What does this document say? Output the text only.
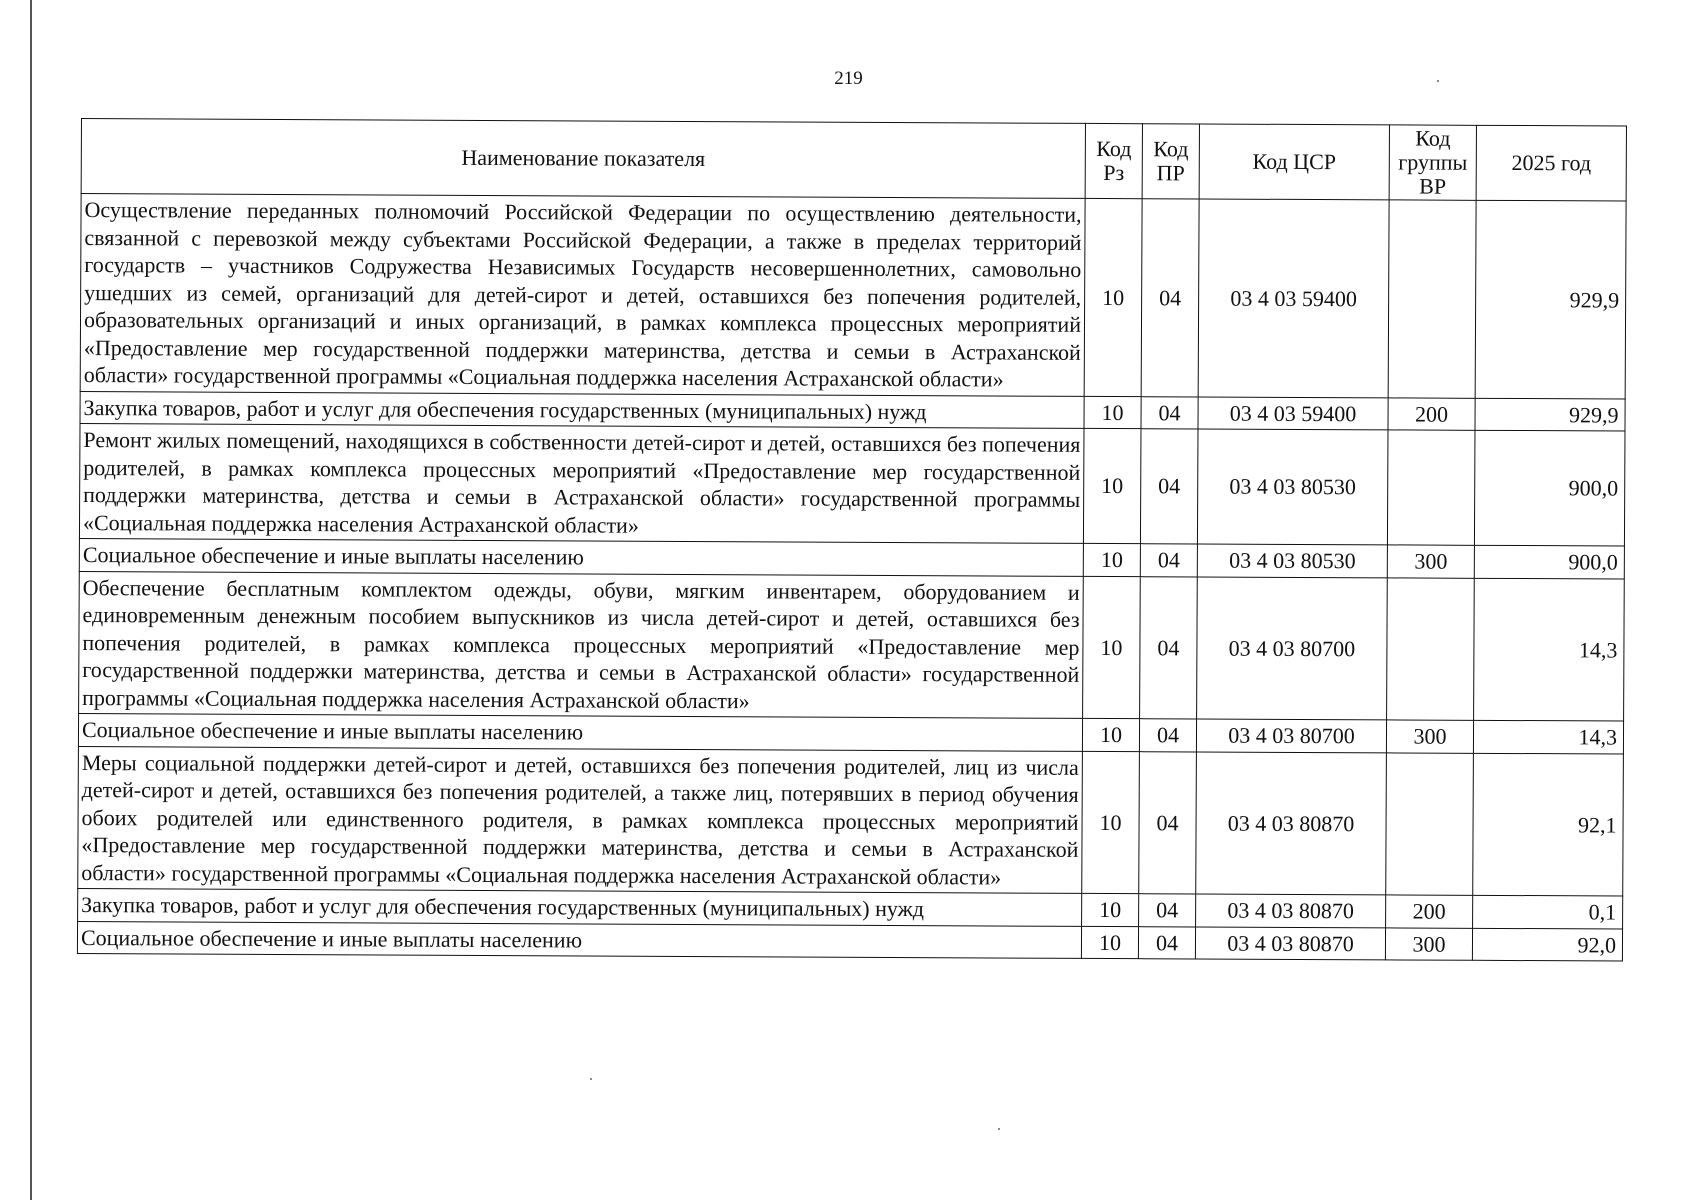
219
Наименование показателя	Код Рз	Код ПР	Код ЦСР	Код группы ВР	2025 год
Осуществление переданных полномочий Российской Федерации по осуществлению деятельности, связанной с перевозкой между субъектами Российской Федерации, а также в пределах территорий государств – участников Содружества Независимых Государств несовершеннолетних, самовольно ушедших из семей, организаций для детей-сирот и детей, оставшихся без попечения родителей, образовательных организаций и иных организаций, в рамках комплекса процессных мероприятий «Предоставление мер государственной поддержки материнства, детства и семьи в Астраханской области» государственной программы «Социальная поддержка населения Астраханской области»	10	04	03 4 03 59400		929,9
Закупка товаров, работ и услуг для обеспечения государственных (муниципальных) нужд	10	04	03 4 03 59400	200	929,9
Ремонт жилых помещений, находящихся в собственности детей-сирот и детей, оставшихся без попечения родителей, в рамках комплекса процессных мероприятий «Предоставление мер государственной поддержки материнства, детства и семьи в Астраханской области» государственной программы «Социальная поддержка населения Астраханской области»	10	04	03 4 03 80530		900,0
Социальное обеспечение и иные выплаты населению	10	04	03 4 03 80530	300	900,0
Обеспечение бесплатным комплектом одежды, обуви, мягким инвентарем, оборудованием и единовременным денежным пособием выпускников из числа детей-сирот и детей, оставшихся без попечения родителей, в рамках комплекса процессных мероприятий «Предоставление мер государственной поддержки материнства, детства и семьи в Астраханской области» государственной программы «Социальная поддержка населения Астраханской области»	10	04	03 4 03 80700		14,3
Социальное обеспечение и иные выплаты населению	10	04	03 4 03 80700	300	14,3
Меры социальной поддержки детей-сирот и детей, оставшихся без попечения родителей, лиц из числа детей-сирот и детей, оставшихся без попечения родителей, а также лиц, потерявших в период обучения обоих родителей или единственного родителя, в рамках комплекса процессных мероприятий «Предоставление мер государственной поддержки материнства, детства и семьи в Астраханской области» государственной программы «Социальная поддержка населения Астраханской области»	10	04	03 4 03 80870		92,1
Закупка товаров, работ и услуг для обеспечения государственных (муниципальных) нужд	10	04	03 4 03 80870	200	0,1
Социальное обеспечение и иные выплаты населению	10	04	03 4 03 80870	300	92,0
